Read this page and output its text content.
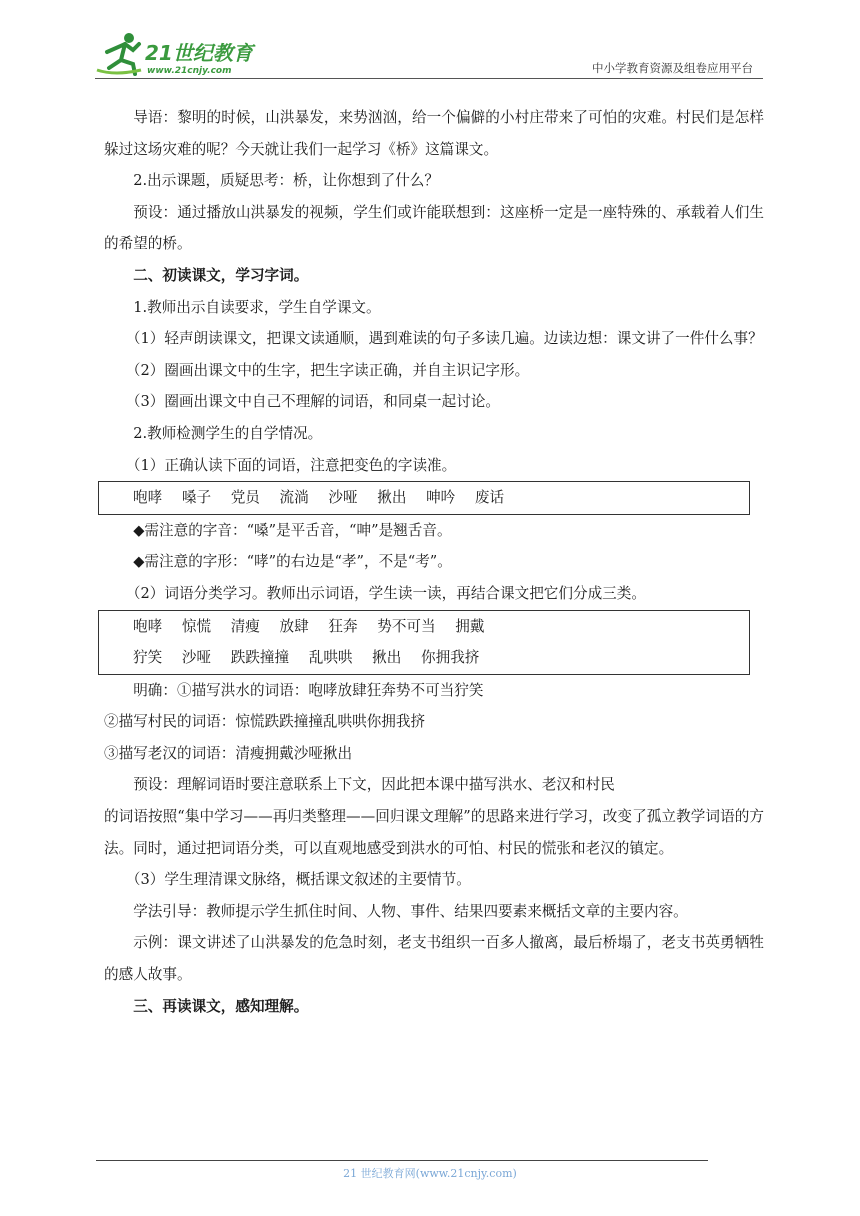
21世纪教育
www.21cnjy.com	中小学教育资源及组卷应用平台

导语：黎明的时候，山洪暴发，来势汹汹，给一个偏僻的小村庄带来了可怕的灾难。村民们是怎样躲过这场灾难的呢？今天就让我们一起学习《桥》这篇课文。

2.出示课题，质疑思考：桥，让你想到了什么？

预设：通过播放山洪暴发的视频，学生们或许能联想到：这座桥一定是一座特殊的、承载着人们生的希望的桥。

二、初读课文，学习字词。

1.教师出示自读要求，学生自学课文。

（1）轻声朗读课文，把课文读通顺，遇到难读的句子多读几遍。边读边想：课文讲了一件什么事？

（2）圈画出课文中的生字，把生字读正确，并自主识记字形。

（3）圈画出课文中自己不理解的词语，和同桌一起讨论。

2.教师检测学生的自学情况。

（1）正确认读下面的词语，注意把变色的字读准。

咆哮 嗓子 党员 流淌 沙哑 揪出 呻吟 废话

◆需注意的字音：“嗓”是平舌音，“呻”是翘舌音。

◆需注意的字形：“哮”的右边是“孝”，不是“考”。

（2）词语分类学习。教师出示词语，学生读一读，再结合课文把它们分成三类。

咆哮 惊慌 清瘦 放肆 狂奔 势不可当 拥戴
狞笑 沙哑 跌跌撞撞 乱哄哄 揪出 你拥我挤

明确：①描写洪水的词语：咆哮放肆狂奔势不可当狞笑

②描写村民的词语：惊慌跌跌撞撞乱哄哄你拥我挤

③描写老汉的词语：清瘦拥戴沙哑揪出

预设：理解词语时要注意联系上下文，因此把本课中描写洪水、老汉和村民

的词语按照“集中学习——再归类整理——回归课文理解”的思路来进行学习，改变了孤立教学词语的方法。同时，通过把词语分类，可以直观地感受到洪水的可怕、村民的慌张和老汉的镇定。

（3）学生理清课文脉络，概括课文叙述的主要情节。

学法引导：教师提示学生抓住时间、人物、事件、结果四要素来概括文章的主要内容。

示例：课文讲述了山洪暴发的危急时刻，老支书组织一百多人撤离，最后桥塌了，老支书英勇牺牲的感人故事。

三、再读课文，感知理解。

21 世纪教育网(www.21cnjy.com)
